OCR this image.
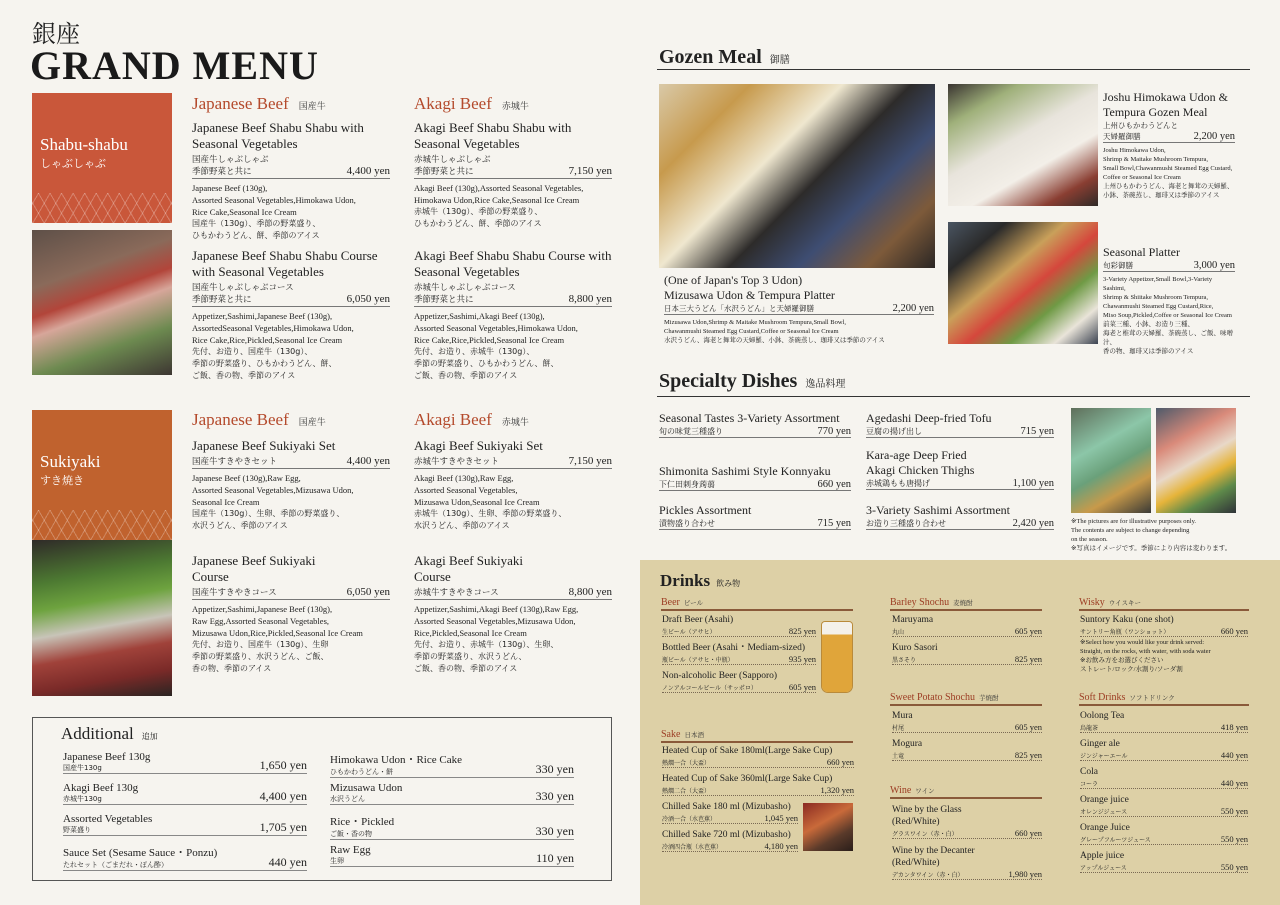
銀座
GRAND MENU
Shabu-shabu
しゃぶしゃぶ
Japanese Beef 国産牛	Akagi Beef 赤城牛
Japanese Beef Shabu Shabu with Seasonal Vegetables
国産牛しゃぶしゃぶ
季節野菜と共に	4,400 yen
Japanese Beef (130g),
Assorted Seasonal Vegetables,Himokawa Udon,
Rice Cake,Seasonal Ice Cream
国産牛（130g）、季節の野菜盛り、
ひもかわうどん、餅、季節のアイス
Akagi Beef Shabu Shabu with Seasonal Vegetables
赤城牛しゃぶしゃぶ
季節野菜と共に	7,150 yen
Akagi Beef (130g),Assorted Seasonal Vegetables,
Himokawa Udon,Rice Cake,Seasonal Ice Cream
赤城牛（130g）、季節の野菜盛り、
ひもかわうどん、餅、季節のアイス
Japanese Beef Shabu Shabu Course with Seasonal Vegetables
国産牛しゃぶしゃぶコース
季節野菜と共に	6,050 yen
Appetizer,Sashimi,Japanese Beef (130g),
AssortedSeasonal Vegetables,Himokawa Udon,
Rice Cake,Rice,Pickled,Seasonal Ice Cream
先付、お造り、国産牛（130g）、
季節の野菜盛り、ひもかわうどん、餅、
ご飯、香の物、季節のアイス
Akagi Beef Shabu Shabu Course with Seasonal Vegetables
赤城牛しゃぶしゃぶコース
季節野菜と共に	8,800 yen
Appetizer,Sashimi,Akagi Beef (130g),
Assorted Seasonal Vegetables,Himokawa Udon,
Rice Cake,Rice,Pickled,Seasonal Ice Cream
先付、お造り、赤城牛（130g）、
季節の野菜盛り、ひもかわうどん、餅、
ご飯、香の物、季節のアイス
Sukiyaki
すき焼き
Japanese Beef 国産牛	Akagi Beef 赤城牛
Japanese Beef Sukiyaki Set
国産牛すきやきセット	4,400 yen
Japanese Beef (130g),Raw Egg,
Assorted Seasonal Vegetables,Mizusawa Udon,
Seasonal Ice Cream
国産牛（130g）、生卵、季節の野菜盛り、
水沢うどん、季節のアイス
Akagi Beef Sukiyaki Set
赤城牛すきやきセット	7,150 yen
Akagi Beef (130g),Raw Egg,
Assorted Seasonal Vegetables,
Mizusawa Udon,Seasonal Ice Cream
赤城牛（130g）、生卵、季節の野菜盛り、
水沢うどん、季節のアイス
Japanese Beef Sukiyaki Course
国産牛すきやきコース	6,050 yen
Appetizer,Sashimi,Japanese Beef (130g),
Raw Egg,Assorted Seasonal Vegetables,
Mizusawa Udon,Rice,Pickled,Seasonal Ice Cream
先付、お造り、国産牛（130g）、生卵
季節の野菜盛り、水沢うどん、ご飯、
香の物、季節のアイス
Akagi Beef Sukiyaki Course
赤城牛すきやきコース	8,800 yen
Appetizer,Sashimi,Akagi Beef (130g),Raw Egg,
Assorted Seasonal Vegetables,Mizusawa Udon,
Rice,Pickled,Seasonal Ice Cream
先付、お造り、赤城牛（130g）、生卵、
季節の野菜盛り、水沢うどん、
ご飯、香の物、季節のアイス
Additional 追加
Japanese Beef 130g
国産牛130g	1,650 yen
Akagi Beef 130g
赤城牛130g	4,400 yen
Assorted Vegetables
野菜盛り	1,705 yen
Sauce Set (Sesame Sauce・Ponzu)
たれセット（ごまだれ・ぽん酢）	440 yen
Himokawa Udon・Rice Cake
ひもかわうどん・餅	330 yen
Mizusawa Udon
水沢うどん	330 yen
Rice・Pickled
ご飯・香の物	330 yen
Raw Egg
生卵	110 yen
Gozen Meal 御膳
(One of Japan's Top 3 Udon)
Mizusawa Udon & Tempura Platter
日本三大うどん「水沢うどん」と天婦羅御膳	2,200 yen
Mizusawa Udon,Shrimp & Maitake Mushroom Tempura,Small Bowl,
Chawanmushi Steamed Egg Custard,Coffee or Seasonal Ice Cream
水沢うどん、海老と舞茸の天婦羅、小鉢、茶碗蒸し、珈琲又は季節のアイス
Joshu Himokawa Udon &
Tempura Gozen Meal
上州ひもかわうどんと
天婦羅御膳	2,200 yen
Joshu Himokawa Udon,
Shrimp & Maitake Mushroom Tempura,
Small Bowl,Chawanmushi Steamed Egg Custard,
Coffee or Seasonal Ice Cream
上州ひもかわうどん、海老と舞茸の天婦羅、
小鉢、茶碗蒸し、珈琲又は季節のアイス
Seasonal Platter
旬彩御膳	3,000 yen
3-Variety Appetizer,Small Bowl,3-Variety Sashimi,
Shrimp & Shiitake Mushroom Tempura,
Chawanmushi Steamed Egg Custard,Rice,
Miso Soup,Pickled,Coffee or Seasonal Ice Cream
前菜三種、小鉢、お造り三種、
海老と椎茸の天婦羅、茶碗蒸し、ご飯、味噌汁、
香の物、珈琲又は季節のアイス
Specialty Dishes 逸品料理
Seasonal Tastes 3-Variety Assortment
旬の味覚三種盛り	770 yen
Shimonita Sashimi Style Konnyaku
下仁田刺身蒟蒻	660 yen
Pickles Assortment
漬物盛り合わせ	715 yen
Agedashi Deep-fried Tofu
豆腐の揚げ出し	715 yen
Kara-age Deep Fried
Akagi Chicken Thighs
赤城鶏もも唐揚げ	1,100 yen
3-Variety Sashimi Assortment
お造り三種盛り合わせ	2,420 yen	※The pictures are for illustrative purposes only.
The contents are subject to change depending
on the season.
※写真はイメージです。季節により内容は変わります。
Drinks 飲み物
Beer ビール
Draft Beer (Asahi)
生ビール（アサヒ）	825 yen
Bottled Beer (Asahi・Mediam-sized)
瓶ビール（アサヒ・中瓶）	935 yen
Non-alcoholic Beer (Sapporo)
ノンアルコールビール（サッポロ）	605 yen
Sake 日本酒
Heated Cup of Sake 180ml(Large Sake Cup)
熱燗一合（大盃）	660 yen
Heated Cup of Sake 360ml(Large Sake Cup)
熱燗二合（大盃）	1,320 yen
Chilled Sake 180 ml (Mizubasho)
冷酒一合（水芭蕉）	1,045 yen
Chilled Sake 720 ml (Mizubasho)
冷酒四合瓶（水芭蕉）	4,180 yen
Barley Shochu 麦焼酎
Maruyama
丸山	605 yen
Kuro Sasori
黒さそり	825 yen
Sweet Potato Shochu 芋焼酎
Mura
村尾	605 yen
Mogura
土竜	825 yen
Wine ワイン
Wine by the Glass
(Red/White)
グラスワイン（赤・白）	660 yen
Wine by the Decanter
(Red/White)
デカンタワイン（赤・白）	1,980 yen
Wisky ウイスキー
Suntory Kaku (one shot)
サントリー角瓶（ワンショット）	660 yen
※Select how you would like your drink served:
Straight, on the rocks, with water, with soda water
※お飲み方をお選びください
ストレート/ロック/水割り/ソーダ割
Soft Drinks ソフトドリンク
Oolong Tea
烏龍茶	418 yen
Ginger ale
ジンジャーエール	440 yen
Cola
コーラ	440 yen
Orange juice
オレンジジュース	550 yen
Orange Juice
グレープフルーツジュース	550 yen
Apple juice
アップルジュース	550 yen
